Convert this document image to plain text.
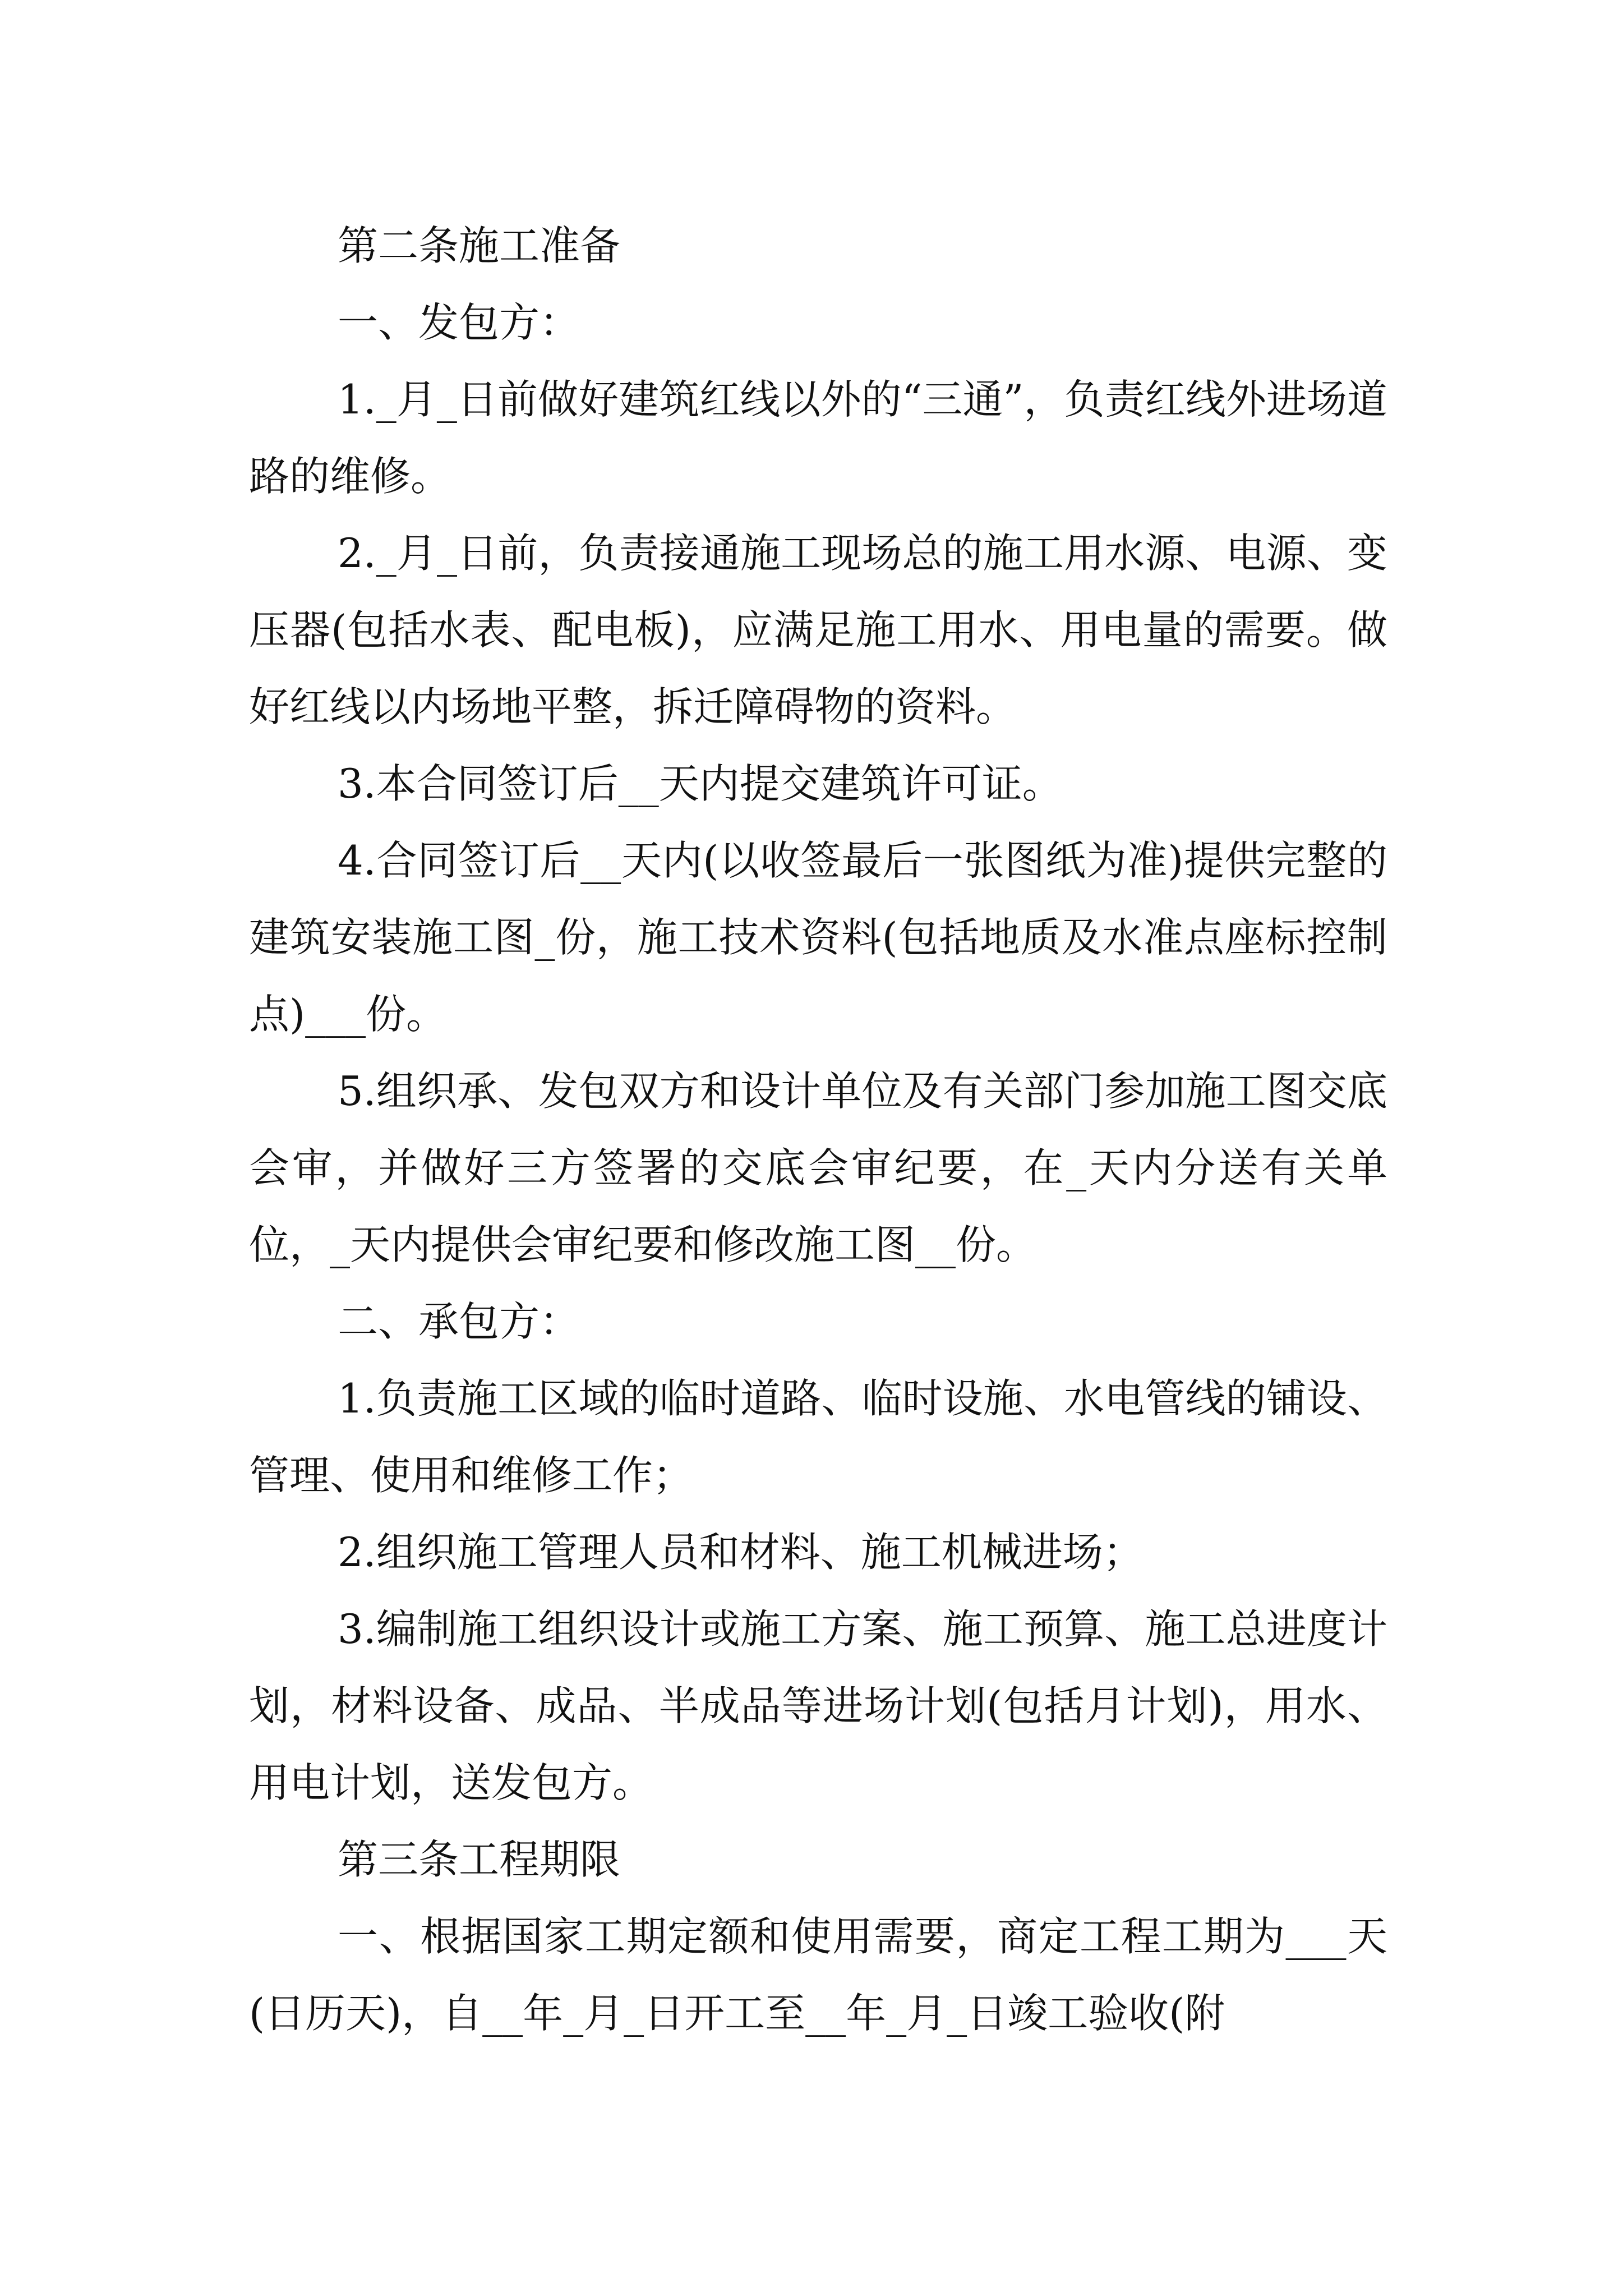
第二条施工准备

一、发包方：

1._月_日前做好建筑红线以外的“三通”，负责红线外进场道路的维修。

2._月_日前，负责接通施工现场总的施工用水源、电源、变压器(包括水表、配电板)，应满足施工用水、用电量的需要。做好红线以内场地平整，拆迁障碍物的资料。

3.本合同签订后__天内提交建筑许可证。

4.合同签订后__天内(以收签最后一张图纸为准)提供完整的建筑安装施工图_份，施工技术资料(包括地质及水准点座标控制点)___份。

5.组织承、发包双方和设计单位及有关部门参加施工图交底会审，并做好三方签署的交底会审纪要，在_天内分送有关单位，_天内提供会审纪要和修改施工图__份。

二、承包方：

1.负责施工区域的临时道路、临时设施、水电管线的铺设、管理、使用和维修工作；

2.组织施工管理人员和材料、施工机械进场；

3.编制施工组织设计或施工方案、施工预算、施工总进度计划，材料设备、成品、半成品等进场计划(包括月计划)，用水、用电计划，送发包方。

第三条工程期限

一、根据国家工期定额和使用需要，商定工程工期为___天(日历天)，自__年_月_日开工至__年_月_日竣工验收(附
